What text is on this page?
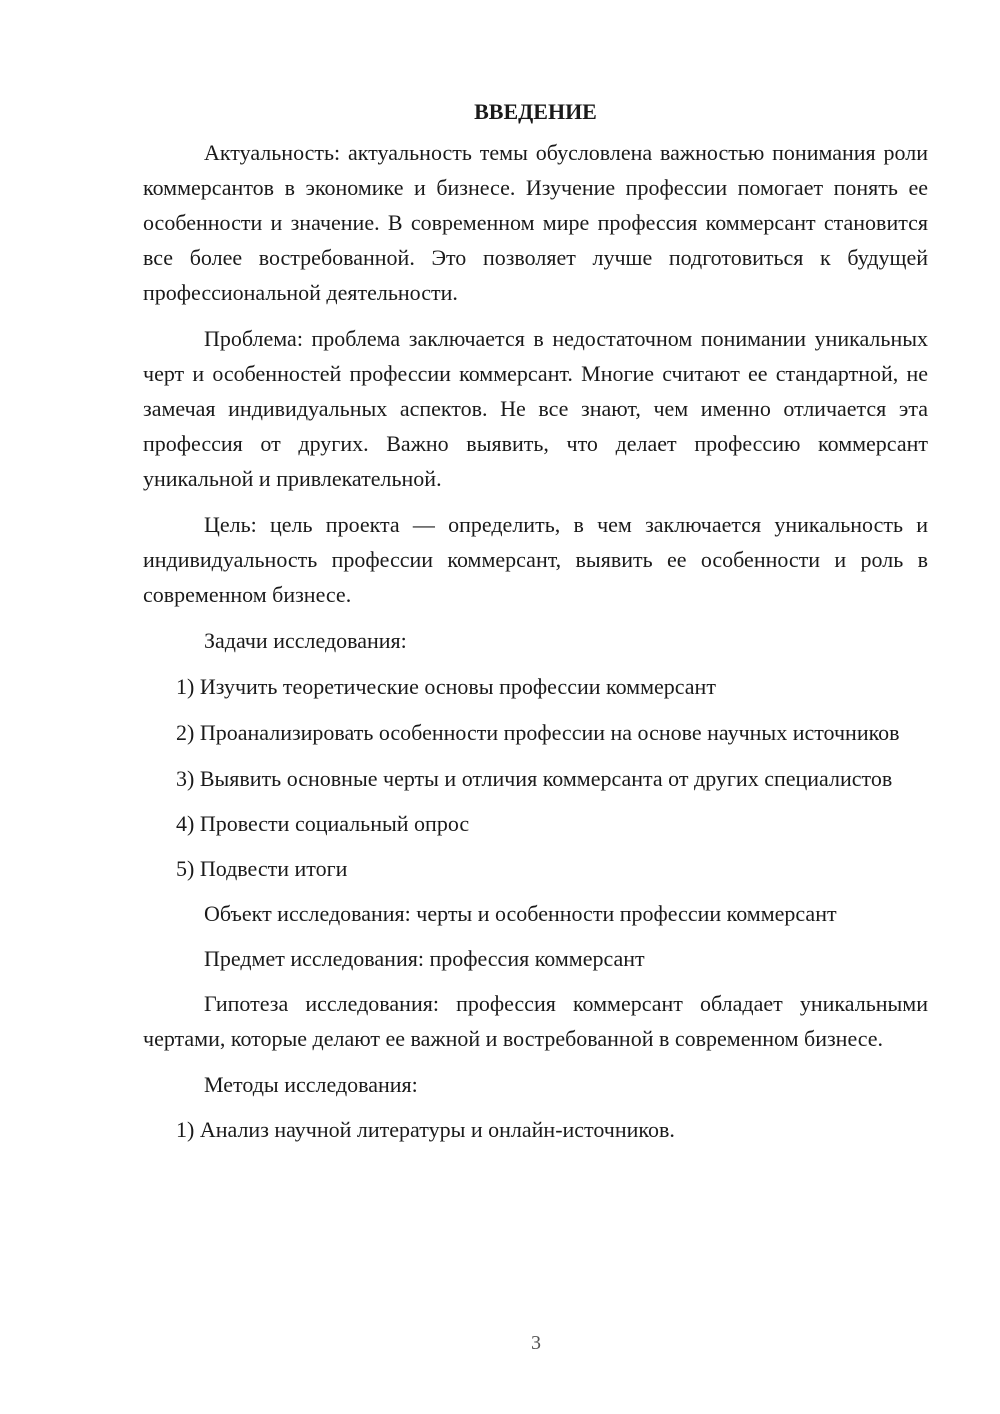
ВВЕДЕНИЕ

Актуальность: актуальность темы обусловлена важностью понимания роли коммерсантов в экономике и бизнесе. Изучение профессии помогает понять ее особенности и значение. В современном мире профессия коммерсант становится все более востребованной. Это позволяет лучше подготовиться к будущей профессиональной деятельности.

Проблема: проблема заключается в недостаточном понимании уникальных черт и особенностей профессии коммерсант. Многие считают ее стандартной, не замечая индивидуальных аспектов. Не все знают, чем именно отличается эта профессия от других. Важно выявить, что делает профессию коммерсант уникальной и привлекательной.

Цель: цель проекта — определить, в чем заключается уникальность и индивидуальность профессии коммерсант, выявить ее особенности и роль в современном бизнесе.

Задачи исследования:

1) Изучить теоретические основы профессии коммерсант

2) Проанализировать особенности профессии на основе научных источников

3) Выявить основные черты и отличия коммерсанта от других специалистов

4) Провести социальный опрос

5) Подвести итоги

Объект исследования: черты и особенности профессии коммерсант

Предмет исследования: профессия коммерсант

Гипотеза исследования: профессия коммерсант обладает уникальными чертами, которые делают ее важной и востребованной в современном бизнесе.

Методы исследования:

1) Анализ научной литературы и онлайн-источников.

3
